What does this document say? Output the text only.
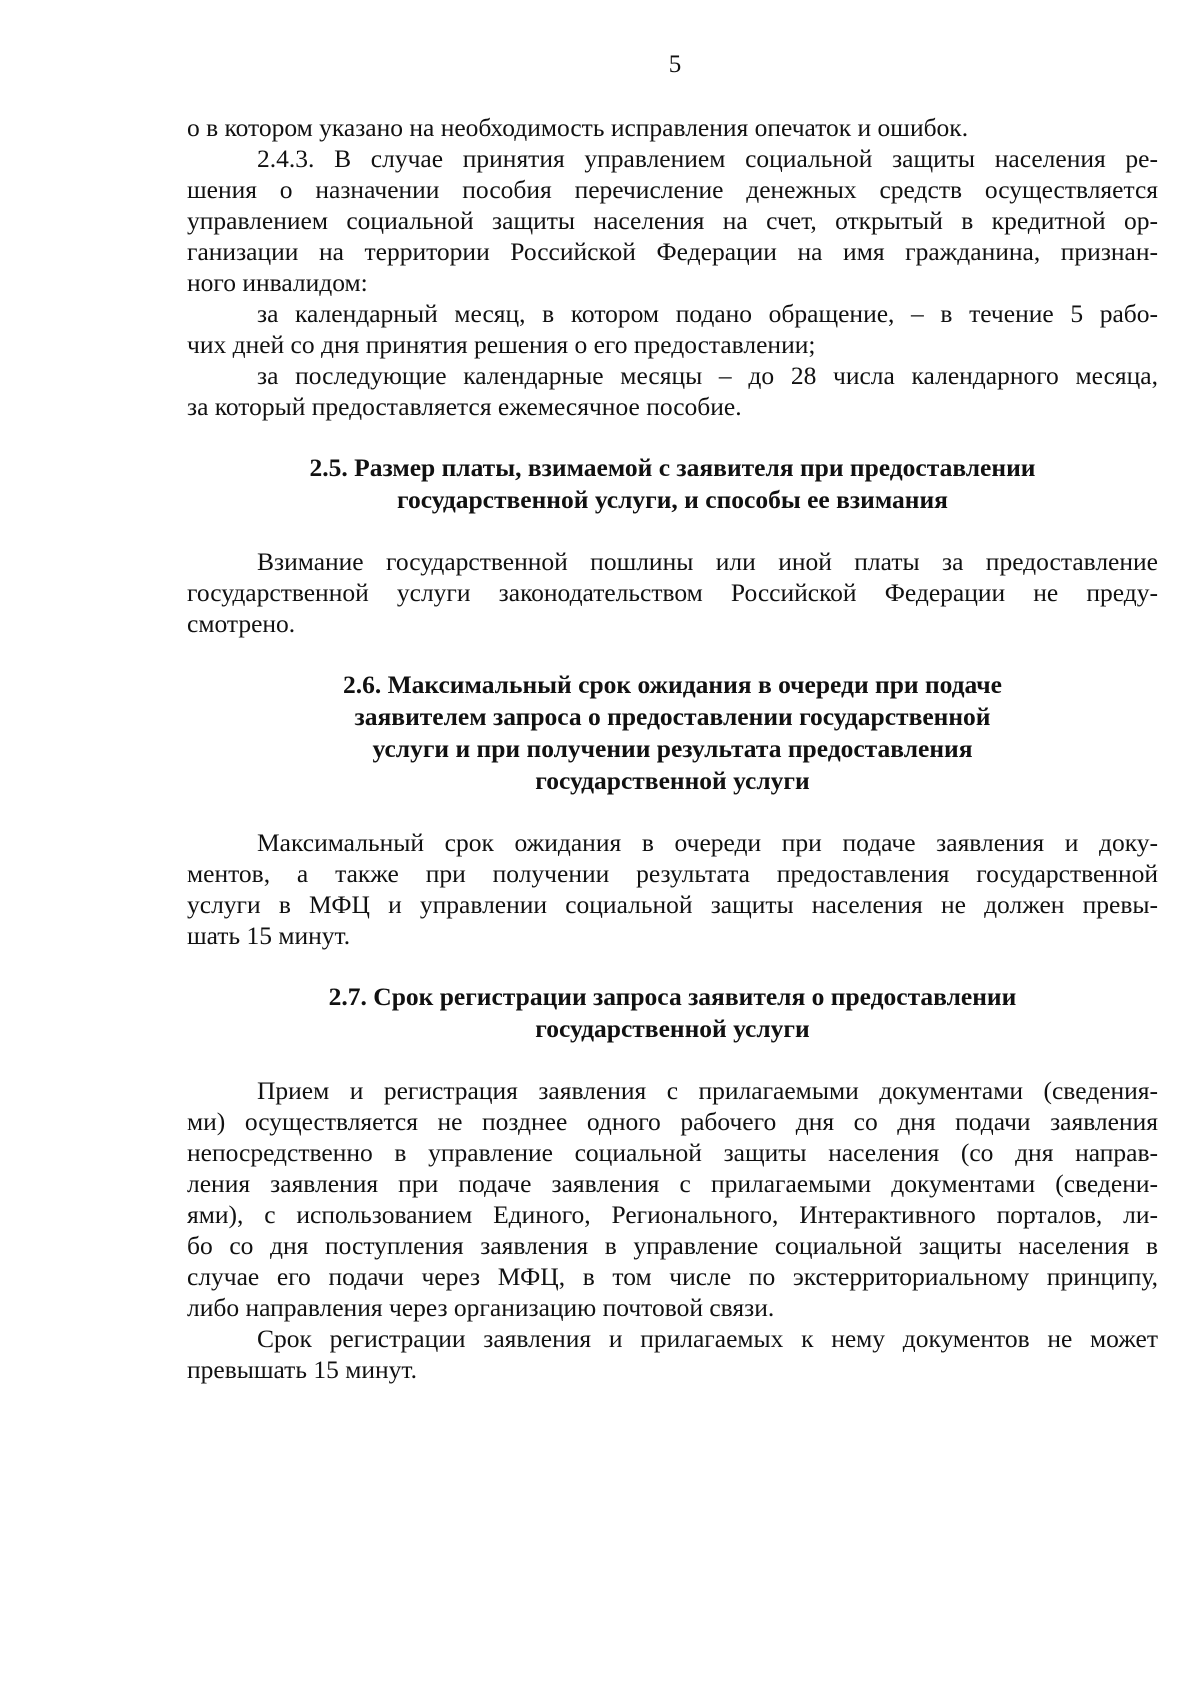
5

о в котором указано на необходимость исправления опечаток и ошибок.

2.4.3. В случае принятия управлением социальной защиты населения ре-
шения о назначении пособия перечисление денежных средств осуществляется
управлением социальной защиты населения на счет, открытый в кредитной ор-
ганизации на территории Российской Федерации на имя гражданина, признан-
ного инвалидом:

за календарный месяц, в котором подано обращение, – в течение 5 рабо-
чих дней со дня принятия решения о его предоставлении;

за последующие календарные месяцы – до 28 числа календарного месяца,
за который предоставляется ежемесячное пособие.

2.5. Размер платы, взимаемой с заявителя при предоставлении
государственной услуги, и способы ее взимания

Взимание государственной пошлины или иной платы за предоставление
государственной услуги законодательством Российской Федерации не преду-
смотрено.

2.6. Максимальный срок ожидания в очереди при подаче
заявителем запроса о предоставлении государственной
услуги и при получении результата предоставления
государственной услуги

Максимальный срок ожидания в очереди при подаче заявления и доку-
ментов, а также при получении результата предоставления государственной
услуги в МФЦ и управлении социальной защиты населения не должен превы-
шать 15 минут.

2.7. Срок регистрации запроса заявителя о предоставлении
государственной услуги

Прием и регистрация заявления с прилагаемыми документами (сведения-
ми) осуществляется не позднее одного рабочего дня со дня подачи заявления
непосредственно в управление социальной защиты населения (со дня направ-
ления заявления при подаче заявления с прилагаемыми документами (сведени-
ями), с использованием Единого, Регионального, Интерактивного порталов, ли-
бо со дня поступления заявления в управление социальной защиты населения в
случае его подачи через МФЦ, в том числе по экстерриториальному принципу,
либо направления через организацию почтовой связи.

Срок регистрации заявления и прилагаемых к нему документов не может
превышать 15 минут.
